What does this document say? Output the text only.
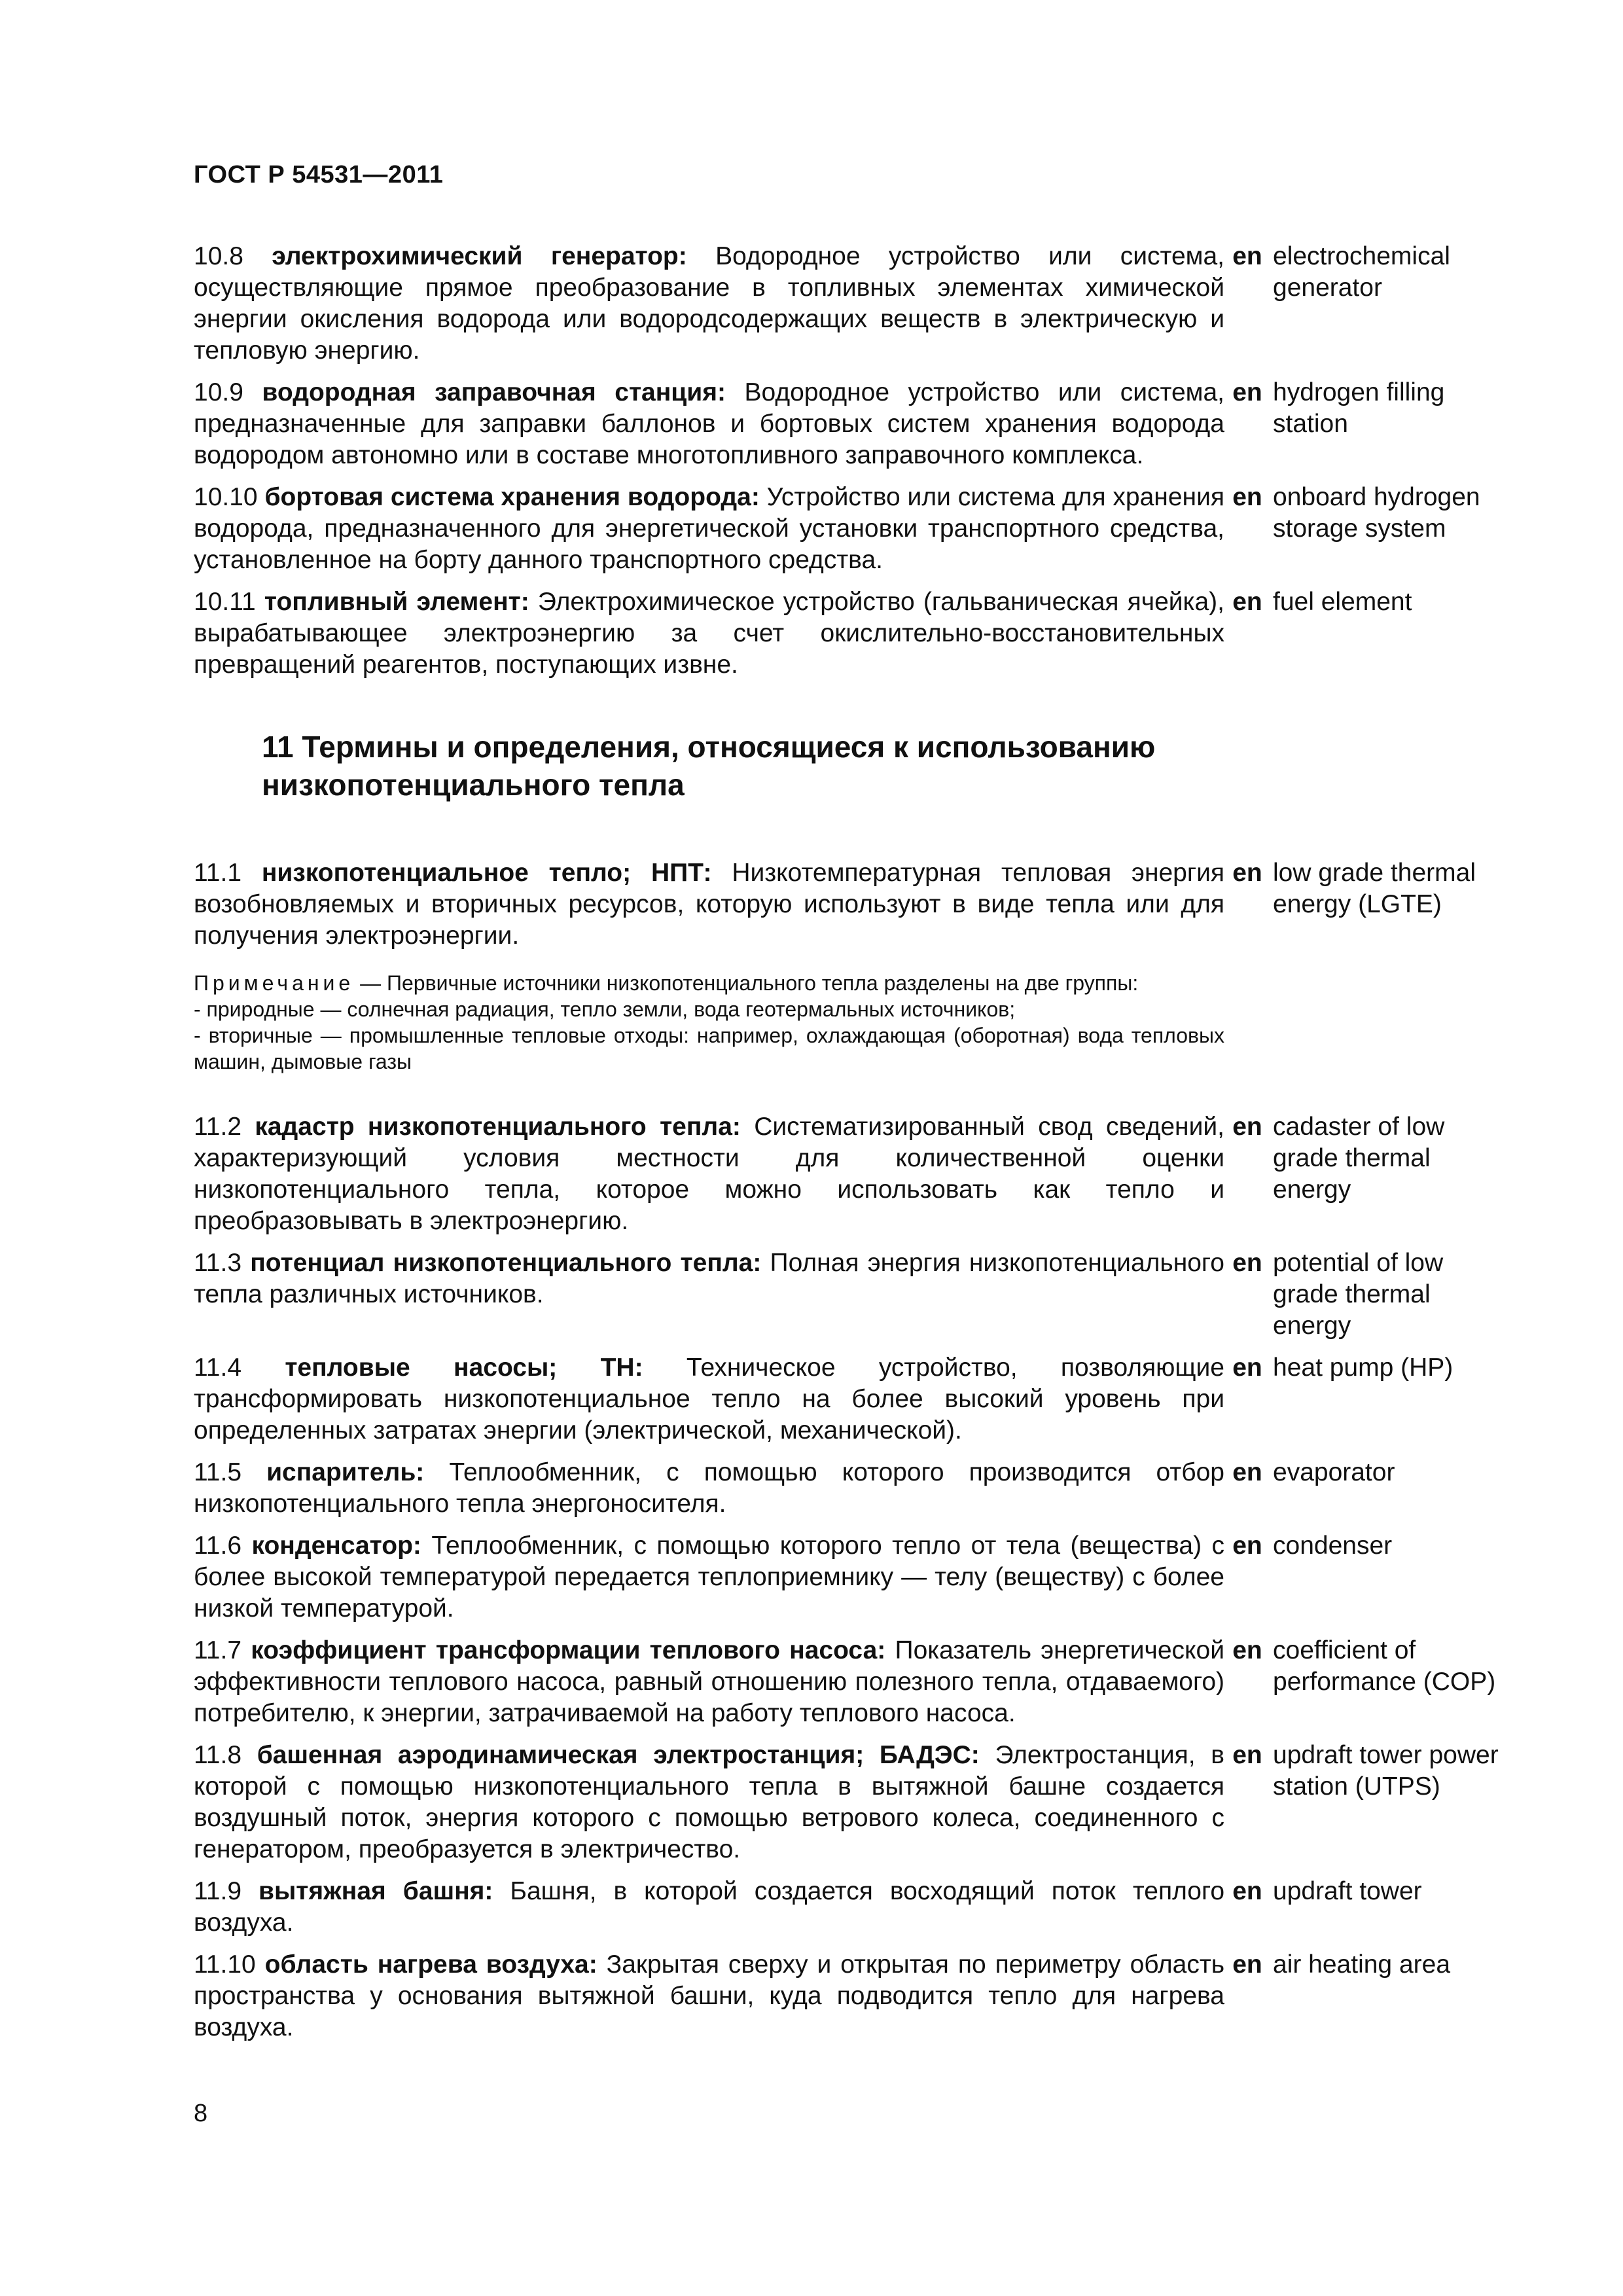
ГОСТ Р 54531—2011
10.8 электрохимический генератор: Водородное устройство или система, осуществляющие прямое преобразование в топливных элементах химической энергии окисления водорода или водородсодержащих веществ в электрическую и тепловую энергию.
en electrochemical generator
10.9 водородная заправочная станция: Водородное устройство или система, предназначенные для заправки баллонов и бортовых систем хранения водорода водородом автономно или в составе многотопливного заправочного комплекса.
en hydrogen filling station
10.10 бортовая система хранения водорода: Устройство или система для хранения водорода, предназначенного для энергетической установки транспортного средства, установленное на борту данного транспортного средства.
en onboard hydrogen storage system
10.11 топливный элемент: Электрохимическое устройство (гальваническая ячейка), вырабатывающее электроэнергию за счет окислительно-восстановительных превращений реагентов, поступающих извне.
en fuel element
11 Термины и определения, относящиеся к использованию низкопотенциального тепла
11.1 низкопотенциальное тепло; НПТ: Низкотемпературная тепловая энергия возобновляемых и вторичных ресурсов, которую используют в виде тепла или для получения электроэнергии.
en low grade thermal energy (LGTE)
Примечание — Первичные источники низкопотенциального тепла разделены на две группы:
- природные — солнечная радиация, тепло земли, вода геотермальных источников;
- вторичные — промышленные тепловые отходы: например, охлаждающая (оборотная) вода тепловых машин, дымовые газы
11.2 кадастр низкопотенциального тепла: Систематизированный свод сведений, характеризующий условия местности для количественной оценки низкопотенциального тепла, которое можно использовать как тепло и преобразовывать в электроэнергию.
en cadaster of low grade thermal energy
11.3 потенциал низкопотенциального тепла: Полная энергия низкопотенциального тепла различных источников.
en potential of low grade thermal energy
11.4 тепловые насосы; ТН: Техническое устройство, позволяющие трансформировать низкопотенциальное тепло на более высокий уровень при определенных затратах энергии (электрической, механической).
en heat pump (HP)
11.5 испаритель: Теплообменник, с помощью которого производится отбор низкопотенциального тепла энергоносителя.
en evaporator
11.6 конденсатор: Теплообменник, с помощью которого тепло от тела (вещества) с более высокой температурой передается теплоприемнику — телу (веществу) с более низкой температурой.
en condenser
11.7 коэффициент трансформации теплового насоса: Показатель энергетической эффективности теплового насоса, равный отношению полезного тепла, отдаваемого) потребителю, к энергии, затрачиваемой на работу теплового насоса.
en coefficient of performance (COP)
11.8 башенная аэродинамическая электростанция; БАДЭС: Электростанция, в которой с помощью низкопотенциального тепла в вытяжной башне создается воздушный поток, энергия которого с помощью ветрового колеса, соединенного с генератором, преобразуется в электричество.
en updraft tower power station (UTPS)
11.9 вытяжная башня: Башня, в которой создается восходящий поток теплого воздуха.
en updraft tower
11.10 область нагрева воздуха: Закрытая сверху и открытая по периметру область пространства у основания вытяжной башни, куда подводится тепло для нагрева воздуха.
en air heating area
8
